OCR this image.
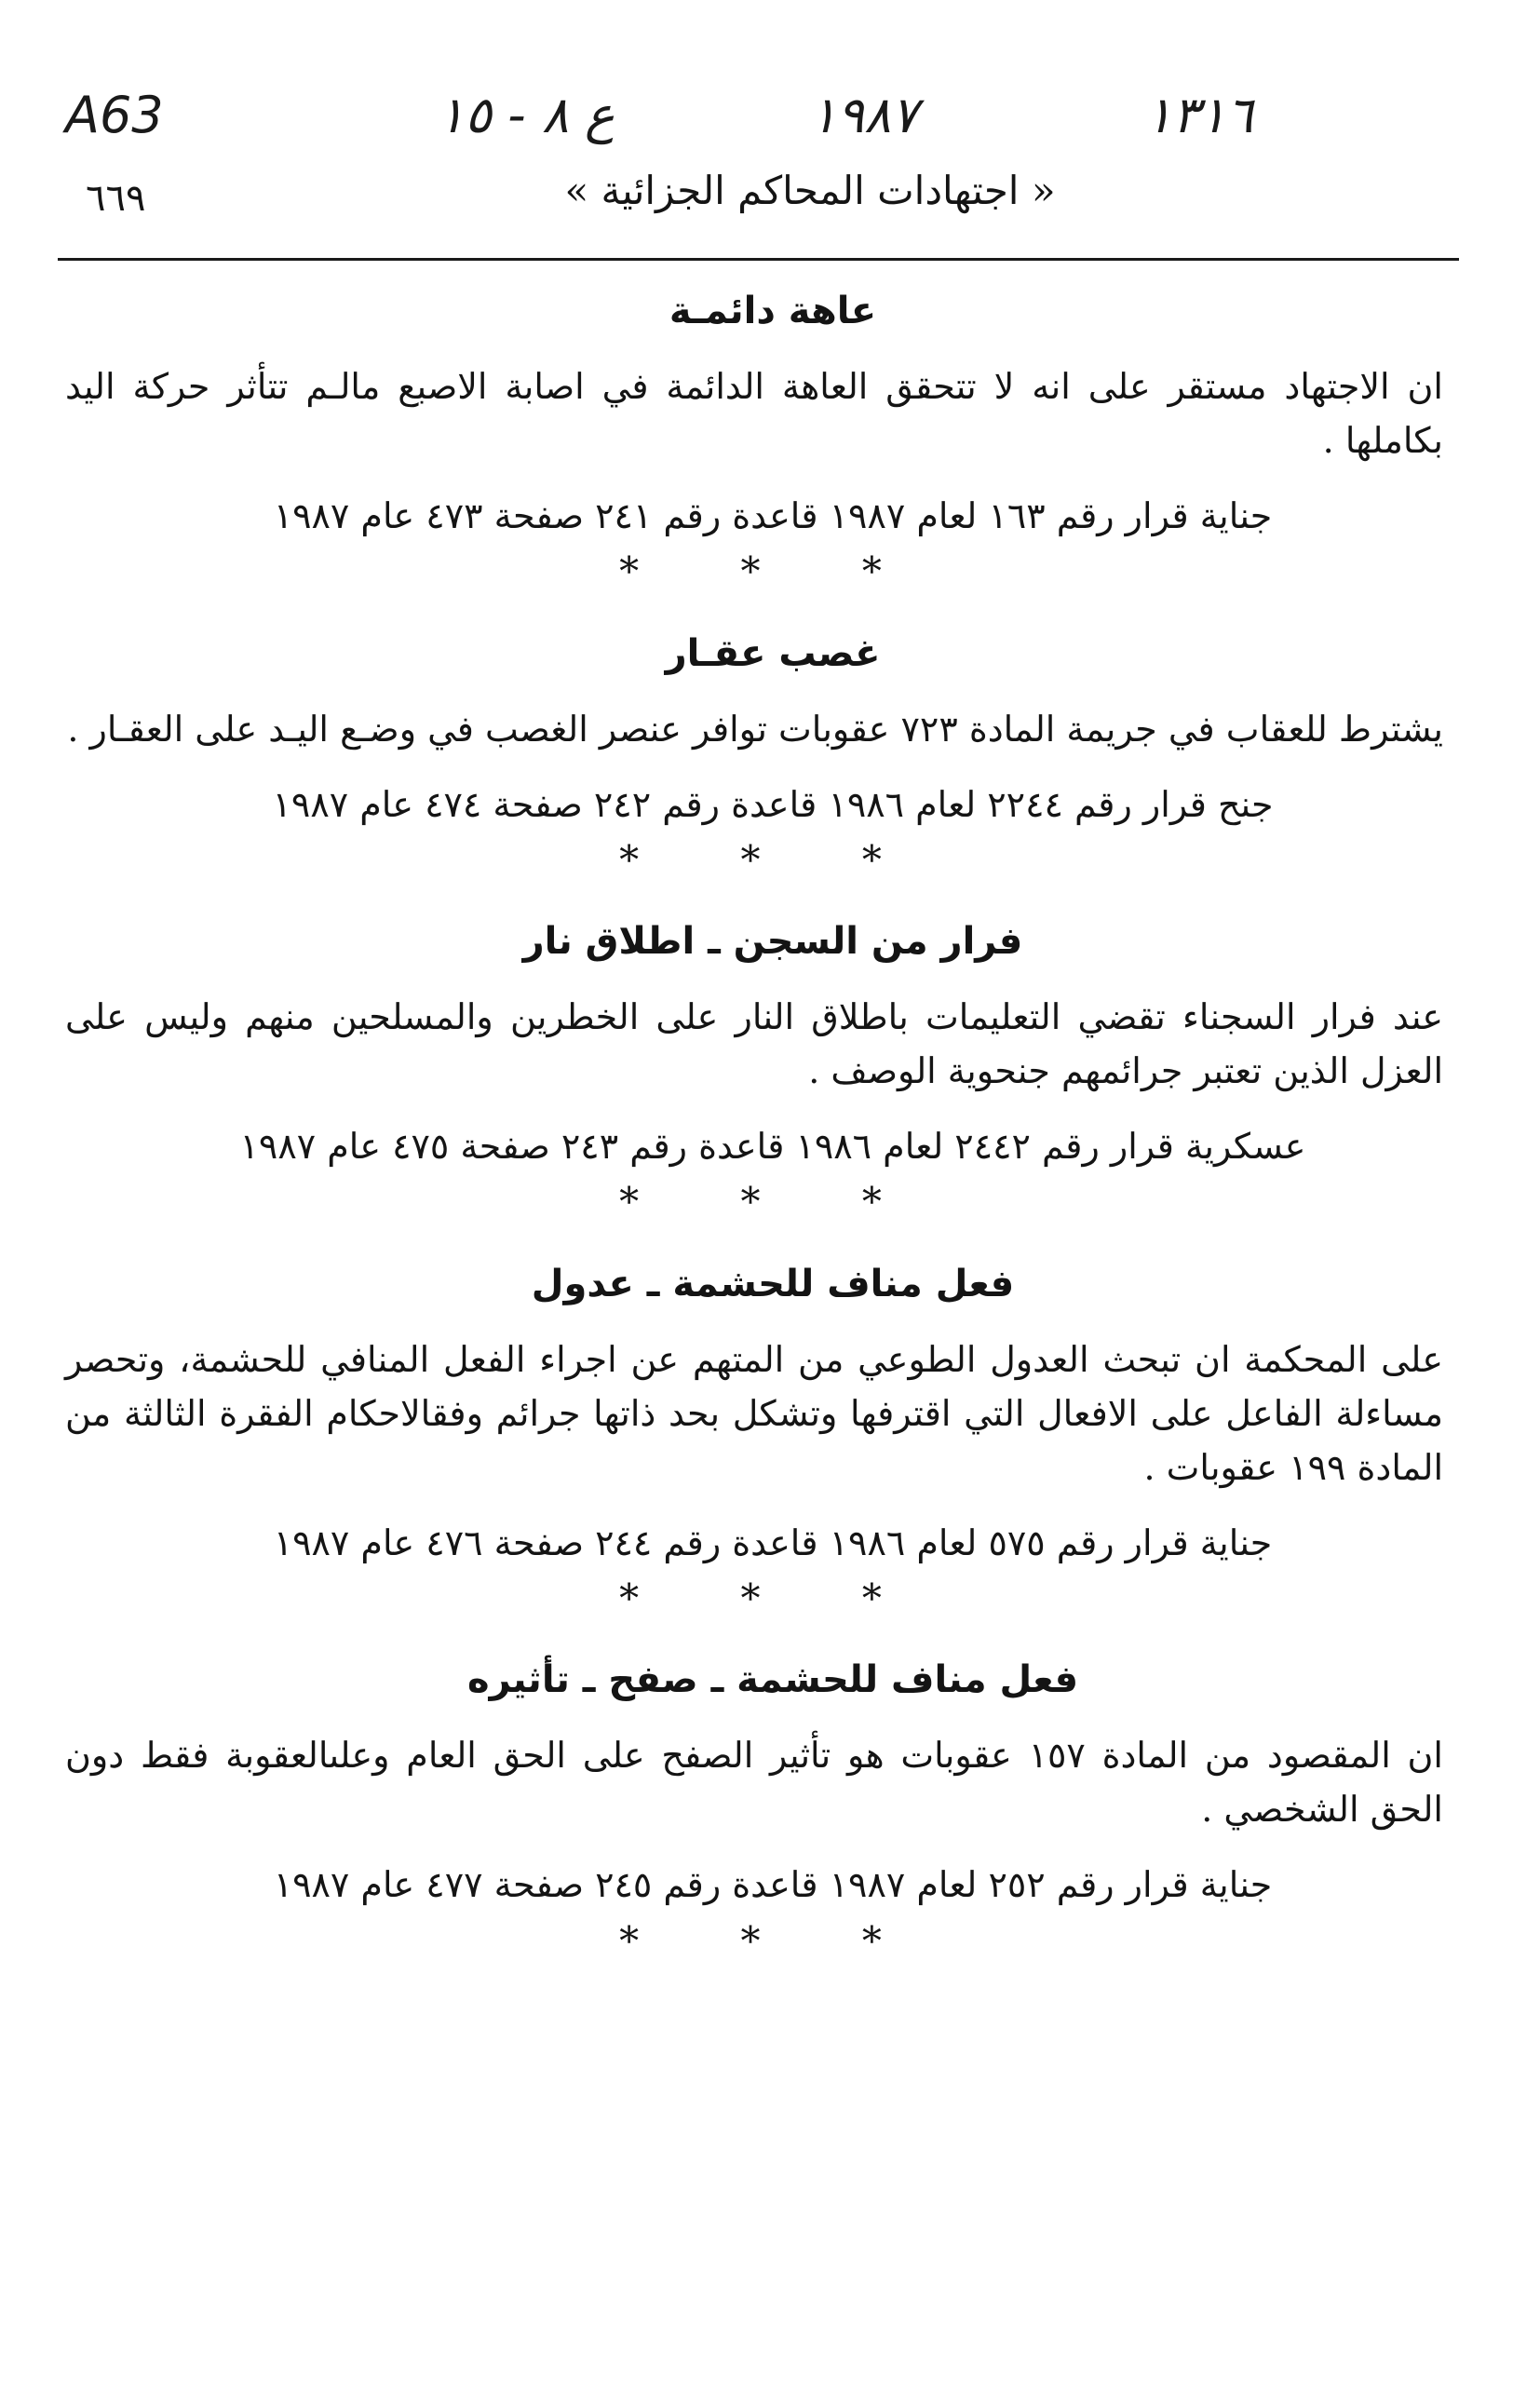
A63	ع ٨ - ١٥	١٩٨٧	١٣١٦
٦٦٩	« اجتهادات المحاكم الجزائية »

عاهة دائمـة

ان الاجتهاد مستقر على انه لا تتحقق العاهة الدائمة في اصابة الاصبع مالـم تتأثر حركة اليد بكاملها .

جناية قرار رقم ١٦٣ لعام ١٩٨٧ قاعدة رقم ٢٤١ صفحة ٤٧٣ عام ١٩٨٧

* * *

غصب عقـار

يشترط للعقاب في جريمة المادة ٧٢٣ عقوبات توافر عنصر الغصب في وضـع اليـد على العقـار .

جنح قرار رقم ٢٢٤٤ لعام ١٩٨٦ قاعدة رقم ٢٤٢ صفحة ٤٧٤ عام ١٩٨٧

* * *

فرار من السجن ـ اطلاق نار

عند فرار السجناء تقضي التعليمات باطلاق النار على الخطرين والمسلحين منهم وليس على العزل الذين تعتبر جرائمهم جنحوية الوصف .

عسكرية قرار رقم ٢٤٤٢ لعام ١٩٨٦ قاعدة رقم ٢٤٣ صفحة ٤٧٥ عام ١٩٨٧

* * *

فعل مناف للحشمة ـ عدول

على المحكمة ان تبحث العدول الطوعي من المتهم عن اجراء الفعل المنافي للحشمة، وتحصر مساءلة الفاعل على الافعال التي اقترفها وتشكل بحد ذاتها جرائم وفقالاحكام الفقرة الثالثة من المادة ١٩٩ عقوبات .

جناية قرار رقم ٥٧٥ لعام ١٩٨٦ قاعدة رقم ٢٤٤ صفحة ٤٧٦ عام ١٩٨٧

* * *

فعل مناف للحشمة ـ صفح ـ تأثيره

ان المقصود من المادة ١٥٧ عقوبات هو تأثير الصفح على الحق العام وعلىالعقوبة فقط دون الحق الشخصي .

جناية قرار رقم ٢٥٢ لعام ١٩٨٧ قاعدة رقم ٢٤٥ صفحة ٤٧٧ عام ١٩٨٧

* * *
